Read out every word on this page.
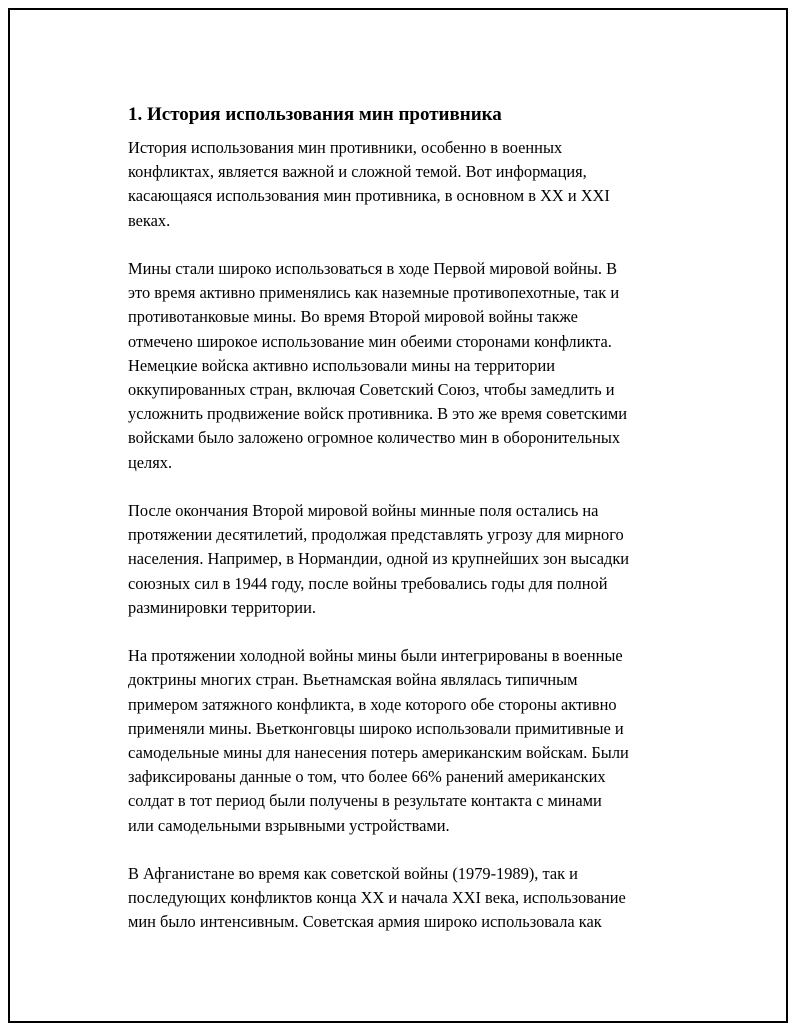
1. История использования мин противника
История использования мин противники, особенно в военных
конфликтах, является важной и сложной темой. Вот информация,
касающаяся использования мин противника, в основном в XX и XXI
веках.
Мины стали широко использоваться в ходе Первой мировой войны. В
это время активно применялись как наземные противопехотные, так и
противотанковые мины. Во время Второй мировой войны также
отмечено широкое использование мин обеими сторонами конфликта.
Немецкие войска активно использовали мины на территории
оккупированных стран, включая Советский Союз, чтобы замедлить и
усложнить продвижение войск противника. В это же время советскими
войсками было заложено огромное количество мин в оборонительных
целях.
После окончания Второй мировой войны минные поля остались на
протяжении десятилетий, продолжая представлять угрозу для мирного
населения. Например, в Нормандии, одной из крупнейших зон высадки
союзных сил в 1944 году, после войны требовались годы для полной
разминировки территории.
На протяжении холодной войны мины были интегрированы в военные
доктрины многих стран. Вьетнамская война являлась типичным
примером затяжного конфликта, в ходе которого обе стороны активно
применяли мины. Вьетконговцы широко использовали примитивные и
самодельные мины для нанесения потерь американским войскам. Были
зафиксированы данные о том, что более 66% ранений американских
солдат в тот период были получены в результате контакта с минами
или самодельными взрывными устройствами.
В Афганистане во время как советской войны (1979-1989), так и
последующих конфликтов конца XX и начала XXI века, использование
мин было интенсивным. Советская армия широко использовала как
